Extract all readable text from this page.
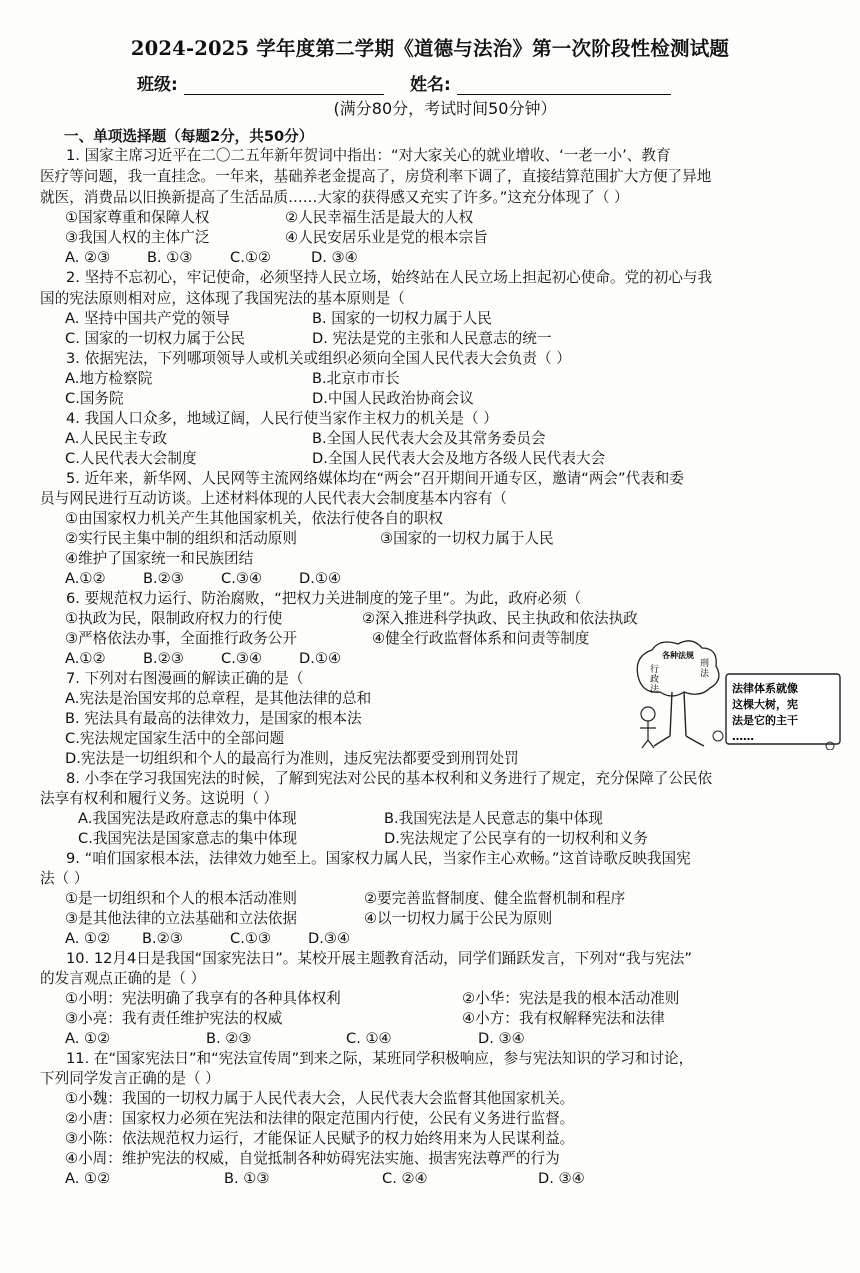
2024-2025 学年度第二学期《道德与法治》第一次阶段性检测试题
班级:	姓名:
(满分80分，考试时间50分钟）
一、单项选择题（每题2分，共50分）
1. 国家主席习近平在二〇二五年新年贺词中指出：“对大家关心的就业增收、‘一老一小’、教育
医疗等问题，我一直挂念。一年来，基础养老金提高了，房贷利率下调了，直接结算范围扩大方便了异地
就医，消费品以旧换新提高了生活品质……大家的获得感又充实了许多。”这充分体现了（ ）
①国家尊重和保障人权	②人民幸福生活是最大的人权
③我国人权的主体广泛	④人民安居乐业是党的根本宗旨
A. ②③	B. ①③	C.①②	D. ③④
2. 坚持不忘初心，牢记使命，必须坚持人民立场，始终站在人民立场上担起初心使命。党的初心与我
国的宪法原则相对应，这体现了我国宪法的基本原则是（
A. 坚持中国共产党的领导	B. 国家的一切权力属于人民
C. 国家的一切权力属于公民	D. 宪法是党的主张和人民意志的统一
3. 依据宪法，下列哪项领导人或机关或组织必须向全国人民代表大会负责（ ）
A.地方检察院	B.北京市市长
C.国务院	D.中国人民政治协商会议
4. 我国人口众多，地域辽阔，人民行使当家作主权力的机关是（ ）
A.人民民主专政	B.全国人民代表大会及其常务委员会
C.人民代表大会制度	D.全国人民代表大会及地方各级人民代表大会
5. 近年来，新华网、人民网等主流网络媒体均在“两会”召开期间开通专区，邀请“两会”代表和委
员与网民进行互动访谈。上述材料体现的人民代表大会制度基本内容有（
①由国家权力机关产生其他国家机关，依法行使各自的职权
②实行民主集中制的组织和活动原则	③国家的一切权力属于人民
④维护了国家统一和民族团结
A.①②	B.②③	C.③④	D.①④
6. 要规范权力运行、防治腐败，“把权力关进制度的笼子里”。为此，政府必须（
①执政为民，限制政府权力的行使	②深入推进科学执政、民主执政和依法执政
③严格依法办事，全面推行政务公开	④健全行政监督体系和问责等制度
A.①②	B.②③	C.③④	D.①④
7. 下列对右图漫画的解读正确的是（
A.宪法是治国安邦的总章程，是其他法律的总和
B. 宪法具有最高的法律效力，是国家的根本法
C.宪法规定国家生活中的全部问题
D.宪法是一切组织和个人的最高行为准则，违反宪法都要受到刑罚处罚
行
政
法
各种法规
刑
法
法律体系就像 这棵大树，宪 法是它的主干 ……
8. 小李在学习我国宪法的时候，了解到宪法对公民的基本权利和义务进行了规定，充分保障了公民依
法享有权利和履行义务。这说明（ ）
A.我国宪法是政府意志的集中体现	B.我国宪法是人民意志的集中体现
C.我国宪法是国家意志的集中体现	D.宪法规定了公民享有的一切权利和义务
9. “咱们国家根本法，法律效力她至上。国家权力属人民，当家作主心欢畅。”这首诗歌反映我国宪
法（ ）
①是一切组织和个人的根本活动准则	②要完善监督制度、健全监督机制和程序
③是其他法律的立法基础和立法依据	④以一切权力属于公民为原则
A. ①② B.②③	C.①③	D.③④
10. 12月4日是我国“国家宪法日”。某校开展主题教育活动，同学们踊跃发言，下列对“我与宪法”
的发言观点正确的是（ ）
①小明：宪法明确了我享有的各种具体权利	②小华：宪法是我的根本活动准则
③小亮：我有责任维护宪法的权威	④小方：我有权解释宪法和法律
A. ①②	B. ②③	C. ①④	D. ③④
11. 在“国家宪法日”和“宪法宣传周”到来之际，某班同学积极响应，参与宪法知识的学习和讨论，
下列同学发言正确的是（ ）
①小魏：我国的一切权力属于人民代表大会，人民代表大会监督其他国家机关。
②小唐：国家权力必须在宪法和法律的限定范围内行使，公民有义务进行监督。
③小陈：依法规范权力运行，才能保证人民赋予的权力始终用来为人民谋利益。
④小周：维护宪法的权威，自觉抵制各种妨碍宪法实施、损害宪法尊严的行为
A. ①②	B. ①③	C. ②④	D. ③④
